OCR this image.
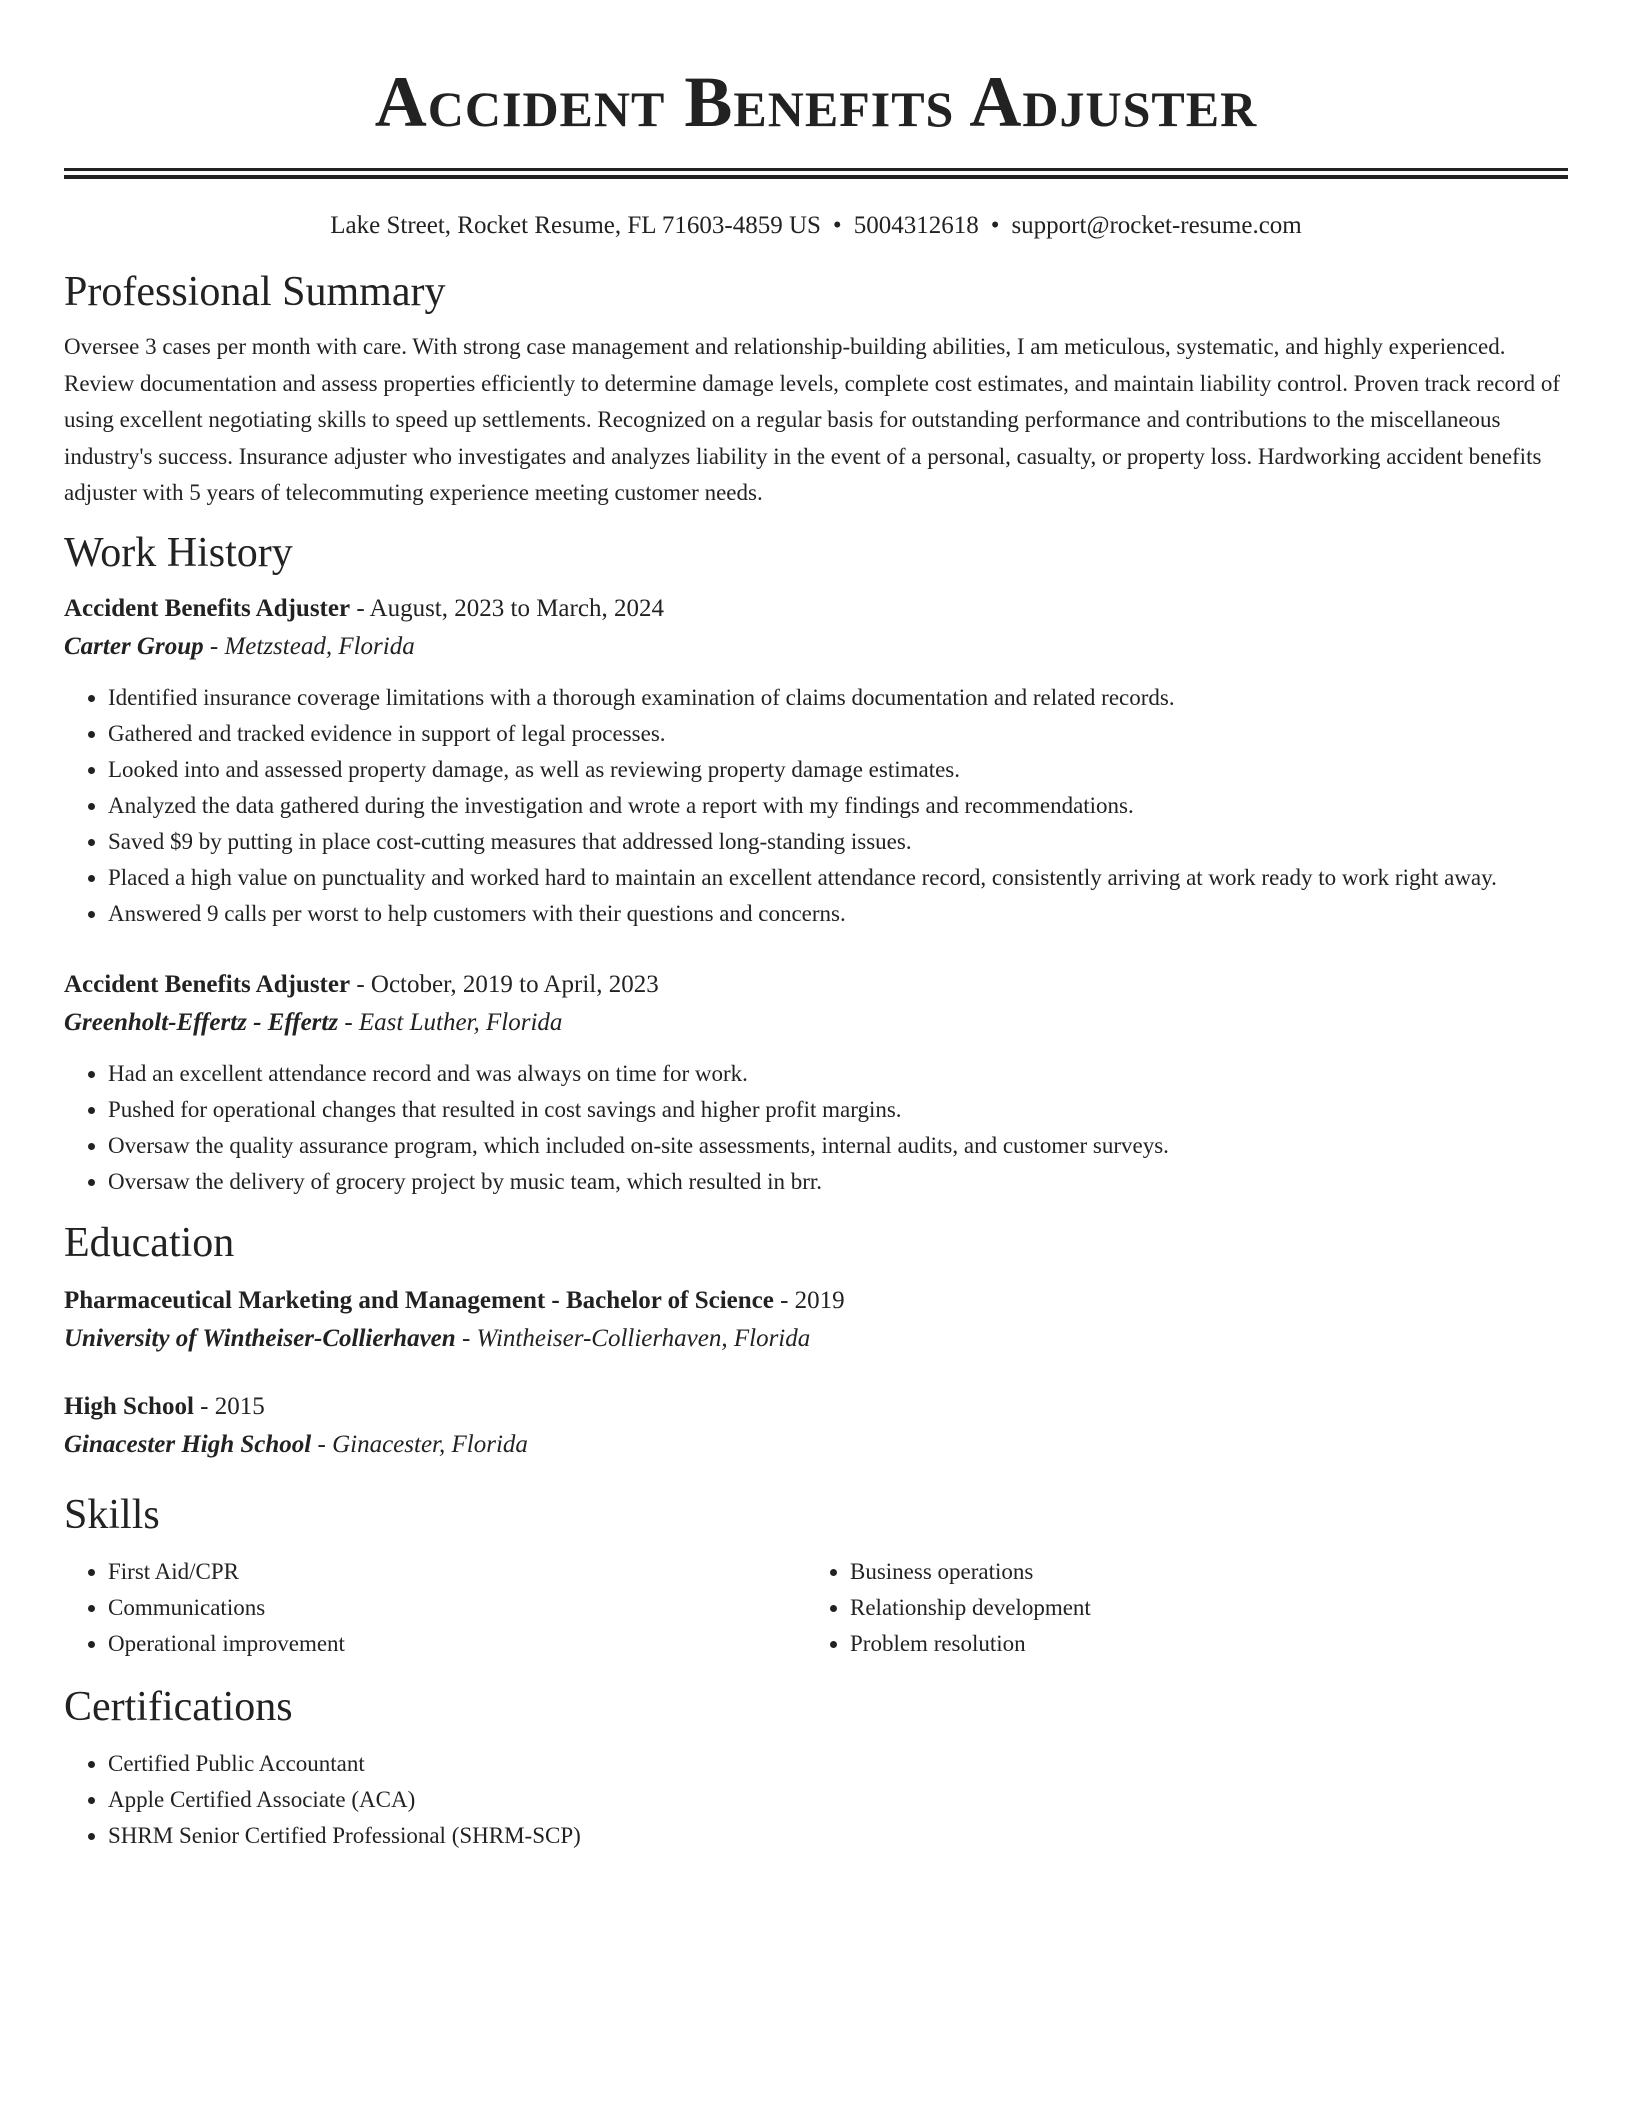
Accident Benefits Adjuster
Lake Street, Rocket Resume, FL 71603-4859 US • 5004312618 • support@rocket-resume.com
Professional Summary

Oversee 3 cases per month with care. With strong case management and relationship-building abilities, I am meticulous, systematic, and highly experienced. Review documentation and assess properties efficiently to determine damage levels, complete cost estimates, and maintain liability control. Proven track record of using excellent negotiating skills to speed up settlements. Recognized on a regular basis for outstanding performance and contributions to the miscellaneous industry's success. Insurance adjuster who investigates and analyzes liability in the event of a personal, casualty, or property loss. Hardworking accident benefits adjuster with 5 years of telecommuting experience meeting customer needs.

Work History
Accident Benefits Adjuster - August, 2023 to March, 2024
Carter Group - Metzstead, Florida
• Identified insurance coverage limitations with a thorough examination of claims documentation and related records.
• Gathered and tracked evidence in support of legal processes.
• Looked into and assessed property damage, as well as reviewing property damage estimates.
• Analyzed the data gathered during the investigation and wrote a report with my findings and recommendations.
• Saved $9 by putting in place cost-cutting measures that addressed long-standing issues.
• Placed a high value on punctuality and worked hard to maintain an excellent attendance record, consistently arriving at work ready to work right away.
• Answered 9 calls per worst to help customers with their questions and concerns.
Accident Benefits Adjuster - October, 2019 to April, 2023
Greenholt-Effertz - Effertz - East Luther, Florida
• Had an excellent attendance record and was always on time for work.
• Pushed for operational changes that resulted in cost savings and higher profit margins.
• Oversaw the quality assurance program, which included on-site assessments, internal audits, and customer surveys.
• Oversaw the delivery of grocery project by music team, which resulted in brr.
Education
Pharmaceutical Marketing and Management - Bachelor of Science - 2019
University of Wintheiser-Collierhaven - Wintheiser-Collierhaven, Florida
High School - 2015
Ginacester High School - Ginacester, Florida
Skills
• First Aid/CPR
• Communications
• Operational improvement
• Business operations
• Relationship development
• Problem resolution
Certifications
• Certified Public Accountant
• Apple Certified Associate (ACA)
• SHRM Senior Certified Professional (SHRM-SCP)
